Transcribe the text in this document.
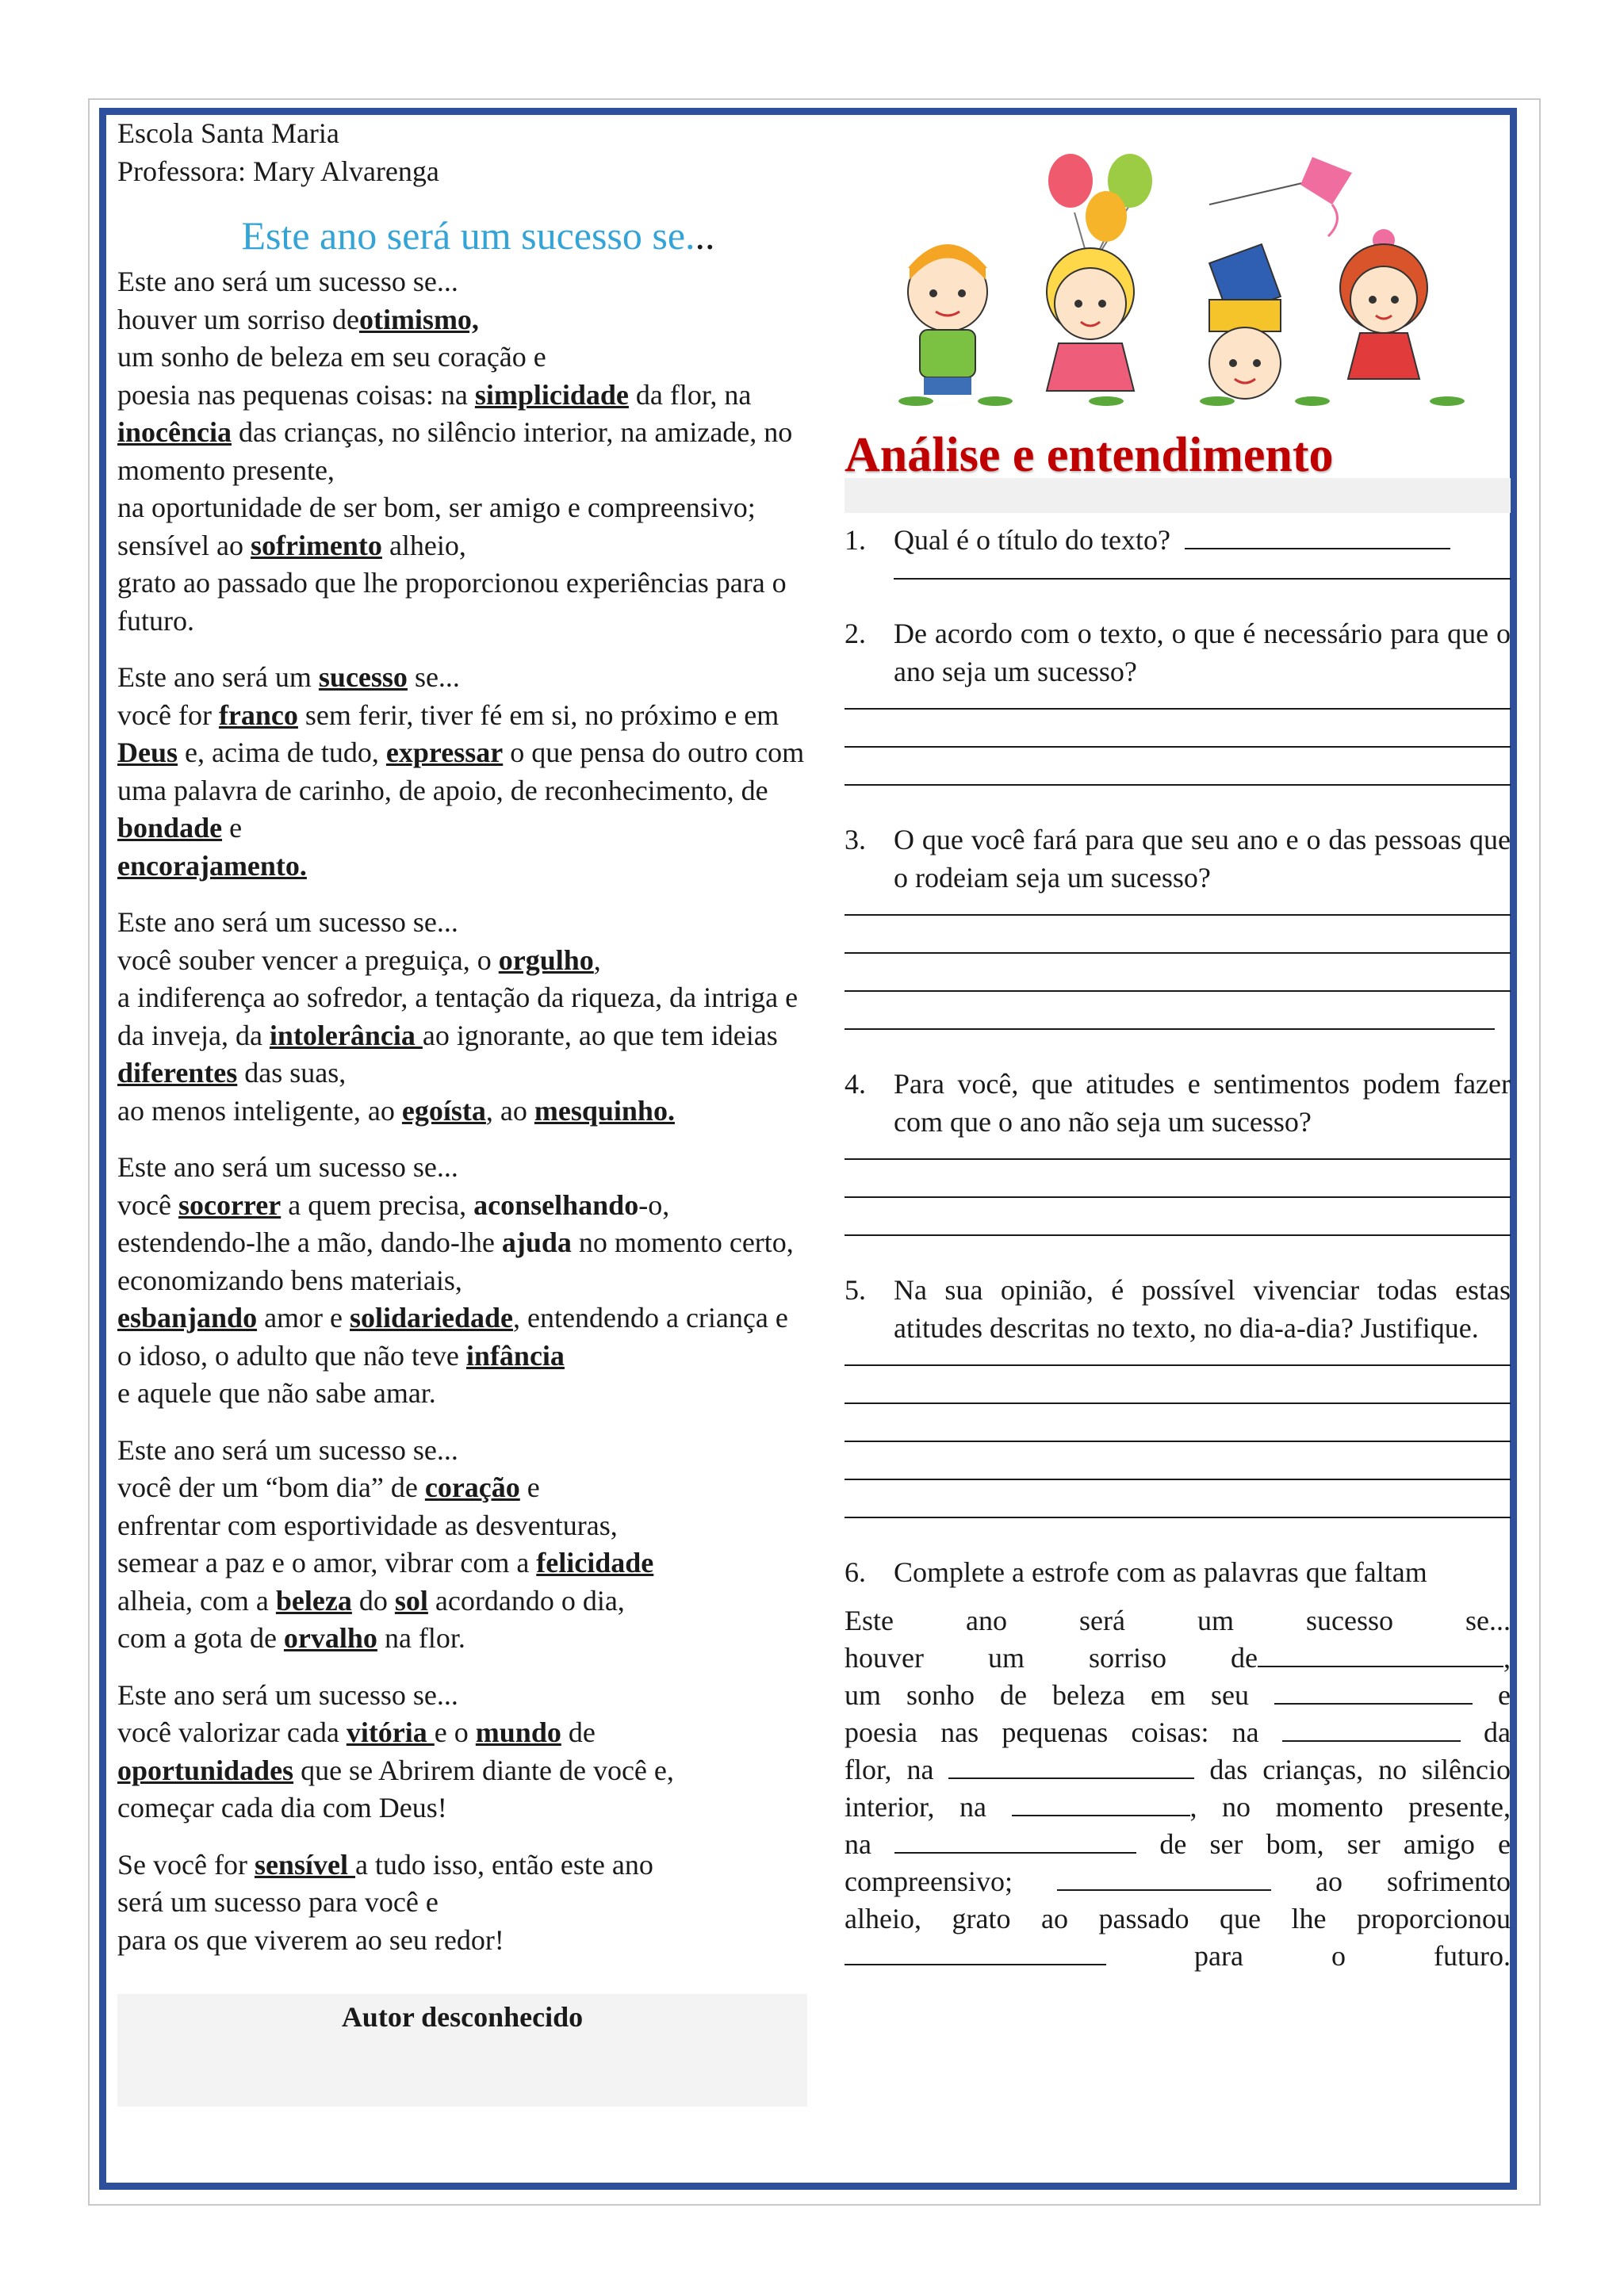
Escola Santa Maria
Professora: Mary Alvarenga
Este ano será um sucesso se...
Este ano será um sucesso se...
houver um sorriso deotimismo,
um sonho de beleza em seu coração e
poesia nas pequenas coisas: na simplicidade da flor, na inocência das crianças, no silêncio interior, na amizade, no momento presente,
na oportunidade de ser bom, ser amigo e compreensivo; sensível ao sofrimento alheio,
grato ao passado que lhe proporcionou experiências para o futuro.
Este ano será um sucesso se...
você for franco sem ferir, tiver fé em si, no próximo e em Deus e, acima de tudo, expressar o que pensa do outro com uma palavra de carinho, de apoio, de reconhecimento, de bondade e
encorajamento.
Este ano será um sucesso se...
você souber vencer a preguiça, o orgulho,
a indiferença ao sofredor, a tentação da riqueza, da intriga e da inveja, da intolerância ao ignorante, ao que tem ideias diferentes das suas,
ao menos inteligente, ao egoísta, ao mesquinho.
Este ano será um sucesso se...
você socorrer a quem precisa, aconselhando-o,
estendendo-lhe a mão, dando-lhe ajuda no momento certo, economizando bens materiais,
esbanjando amor e solidariedade, entendendo a criança e o idoso, o adulto que não teve infância
e aquele que não sabe amar.
Este ano será um sucesso se...
você der um “bom dia” de coração e
enfrentar com esportividade as desventuras,
semear a paz e o amor, vibrar com a felicidade
alheia, com a beleza do sol acordando o dia,
com a gota de orvalho na flor.
Este ano será um sucesso se...
você valorizar cada vitória e o mundo de
oportunidades que se Abrirem diante de você e,
começar cada dia com Deus!
Se você for sensível a tudo isso, então este ano
será um sucesso para você e
para os que viverem ao seu redor!
Autor desconhecido
Análise e entendimento
1. Qual é o título do texto?
2. De acordo com o texto, o que é necessário para que o ano seja um sucesso?
3. O que você fará para que seu ano e o das pessoas que o rodeiam seja um sucesso?
4. Para você, que atitudes e sentimentos podem fazer com que o ano não seja um sucesso?
5. Na sua opinião, é possível vivenciar todas estas atitudes descritas no texto, no dia-a-dia? Justifique.
6. Complete a estrofe com as palavras que faltam
Este ano será um sucesso se...
houver um sorriso de	,
um sonho de beleza em seu	e
poesia nas pequenas coisas: na	da
flor, na	das crianças, no silêncio
interior, na	, no momento presente,
na	de ser bom, ser amigo e
compreensivo;	ao sofrimento
alheio, grato ao passado que lhe proporcionou
para o futuro.
